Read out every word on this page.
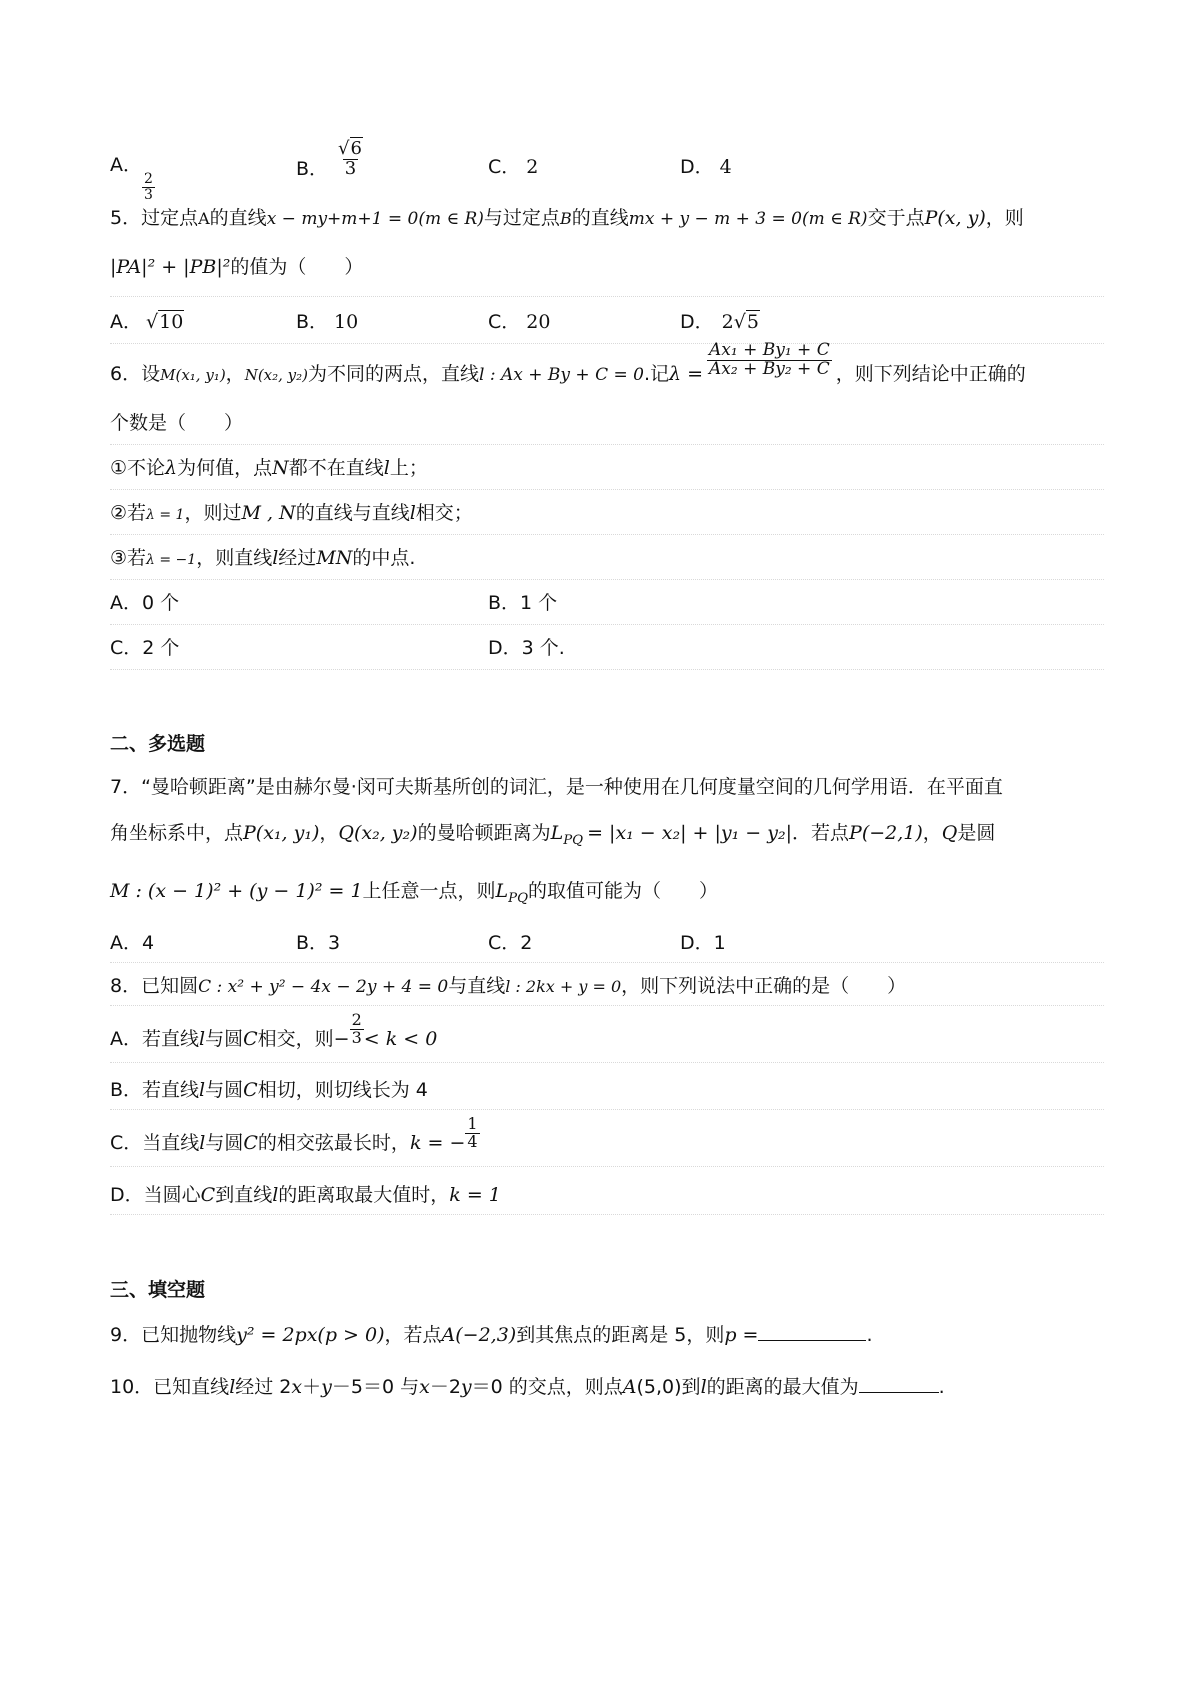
A．
$\frac{2}{3}$
B． $\frac{√6}{3}$	C． 2	D． 4
5．过定点A的直线x − my+m+1 = 0(m ∈ R)与过定点B的直线mx + y − m + 3 = 0(m ∈ R)交于点P(x, y)，则
|PA|² + |PB|²的值为（　　）
A． √10	B． 10	C． 20	D． 2√5
6．设$_{M(x_1, y_1)}$，$_{N(x_2, y_2)}$为不同的两点，直线l : Ax + By + C = 0.记$\lambda = \frac{\text{Ax₁ + By₁ + C}}{\text{Ax₂ + By₂ + C}}$ ，则下列结论中正确的
个数是（　　）
①不论λ为何值，点N都不在直线l上；
②若λ = 1，则过M , N的直线与直线l相交；
③若λ = −1，则直线l经过MN的中点.
A．0 个	B．1 个
C．2 个	D．3 个.
二、多选题
7．“曼哈顿距离”是由赫尔曼·闵可夫斯基所创的词汇，是一种使用在几何度量空间的几何学用语．在平面直
角坐标系中，点P(x₁, y₁)，Q(x₂, y₂)的曼哈顿距离为$L_{PQ} = |x_1 - x_2| + |y_1 - y_2|$．若点P(−2,1)，Q是圆
M : (x − 1)² + (y − 1)² = 1上任意一点，则$L_{PQ}$的取值可能为（　　）
A．4	B．3	C．2	D．1
8．已知圆C : x² + y² − 4x − 2y + 4 = 0与直线l : 2kx + y = 0，则下列说法中正确的是（　　）
A．若直线l与圆C相交，则− $\frac{2}{3} < k < 0$
B．若直线l与圆C相切，则切线长为 4
C．当直线l与圆C的相交弦最长时，k = − $\frac{1}{4}$
D．当圆心C到直线l的距离取最大值时，k = 1
三、填空题
9．已知抛物线y² = 2px(p > 0)，若点A(−2,3)到其焦点的距离是 5，则p =	.
10．已知直线l经过 2x＋y－5＝0 与x－2y＝0 的交点，则点A(5,0)到l的距离的最大值为	.
